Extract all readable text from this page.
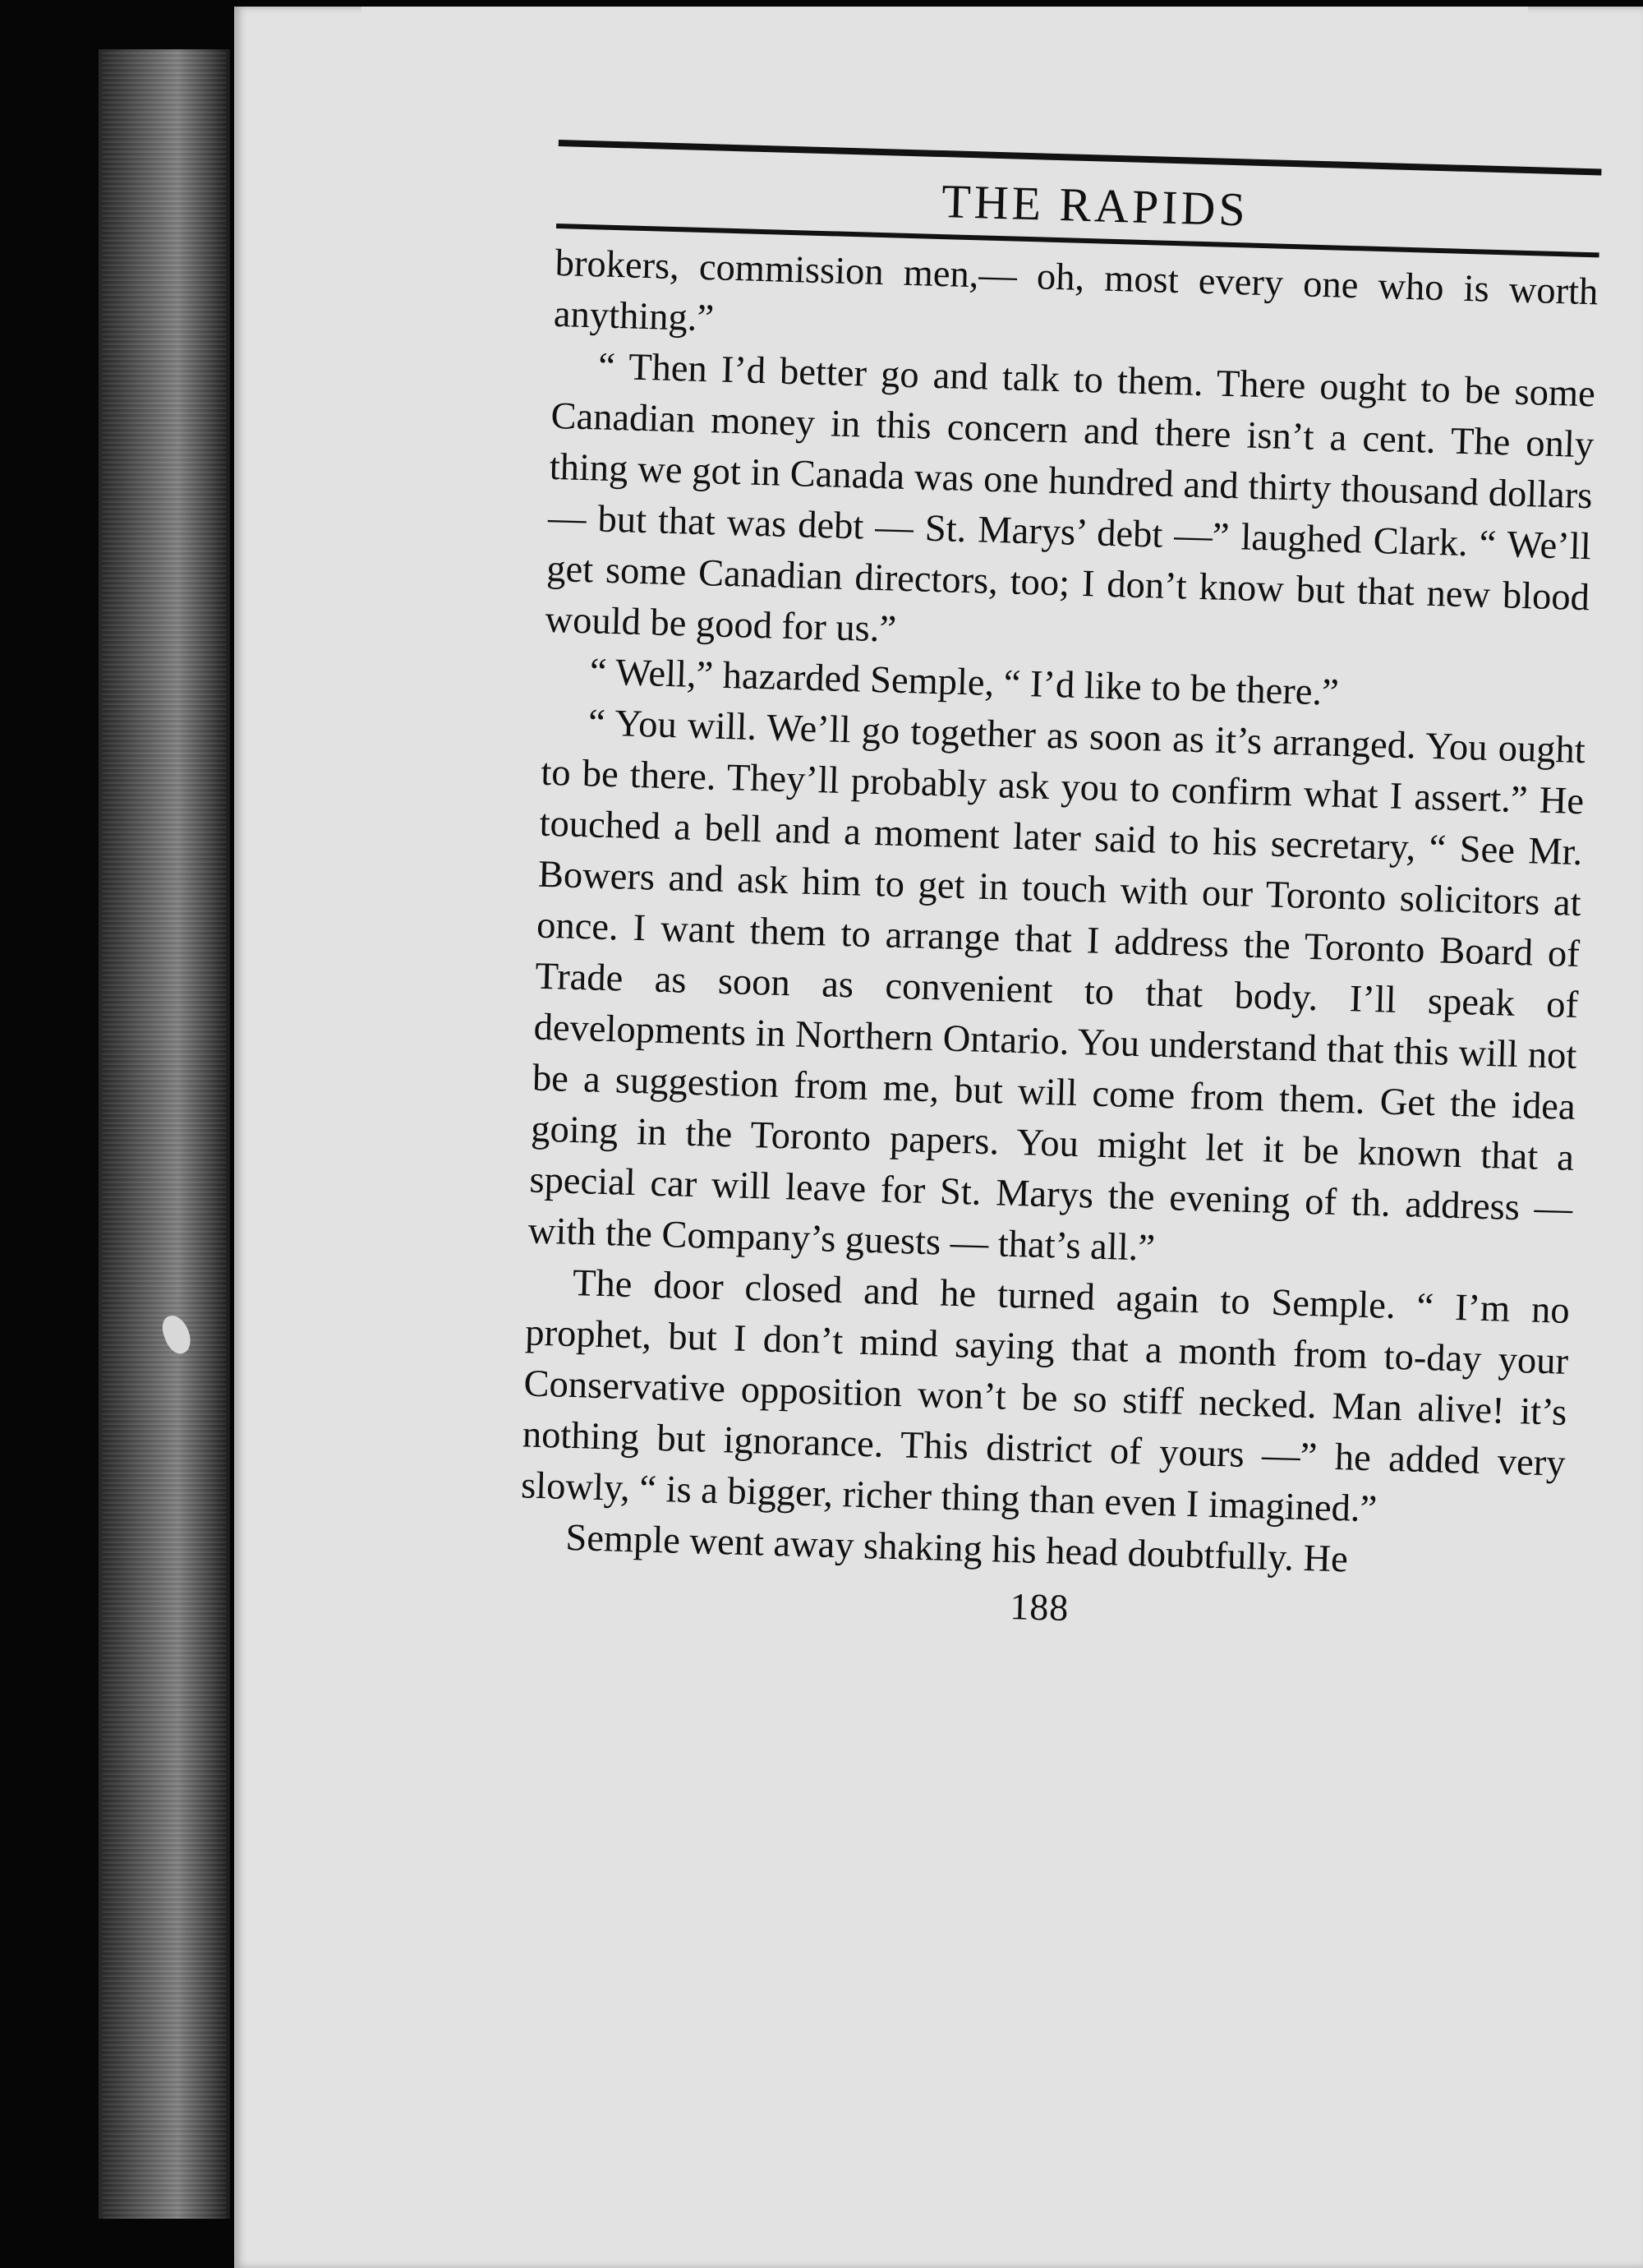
THE RAPIDS

brokers, commission men,— oh, most every one who is worth anything.”

“ Then I’d better go and talk to them. There ought to be some Canadian money in this concern and there isn’t a cent. The only thing we got in Canada was one hundred and thirty thousand dollars — but that was debt — St. Marys’ debt —” laughed Clark. “ We’ll get some Canadian directors, too; I don’t know but that new blood would be good for us.”

“ Well,” hazarded Semple, “ I’d like to be there.”

“ You will. We’ll go together as soon as it’s arranged. You ought to be there. They’ll probably ask you to confirm what I assert.” He touched a bell and a moment later said to his secretary, “ See Mr. Bowers and ask him to get in touch with our Toronto solicitors at once. I want them to arrange that I address the Toronto Board of Trade as soon as convenient to that body. I’ll speak of developments in Northern Ontario. You understand that this will not be a suggestion from me, but will come from them. Get the idea going in the Toronto papers. You might let it be known that a special car will leave for St. Marys the evening of th. address — with the Company’s guests — that’s all.”

The door closed and he turned again to Semple. “ I’m no prophet, but I don’t mind saying that a month from to-day your Conservative opposition won’t be so stiff necked. Man alive! it’s nothing but ignorance. This district of yours —” he added very slowly, “ is a bigger, richer thing than even I imagined.”

Semple went away shaking his head doubtfully. He

188
